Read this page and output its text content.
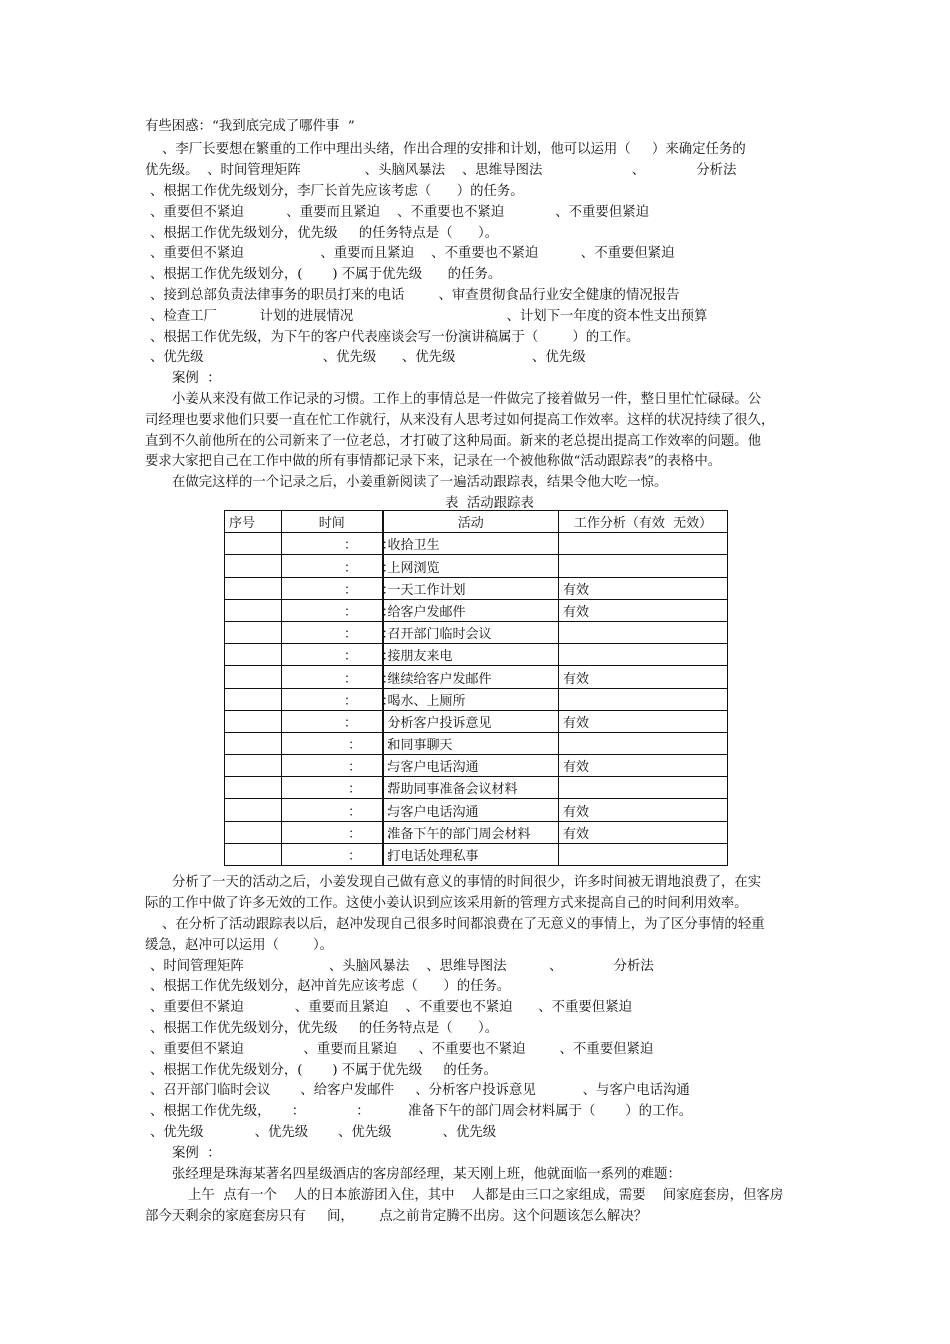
有些困惑：“我到底完成了哪件事  ”
、李厂长要想在繁重的工作中理出头绪，作出合理的安排和计划，他可以运用（     ）来确定任务的
优先级。  、时间管理矩阵               、头脑风暴法    、思维导图法                     、            分析法
、根据工作优先级划分，李厂长首先应该考虑（      ）的任务。
、重要但不紧迫          、重要而且紧迫    、不重要也不紧迫            、不重要但紧迫
、根据工作优先级划分，优先级     的任务特点是（      ）。
、重要但不紧迫                  、重要而且紧迫    、不重要也不紧迫          、不重要但紧迫
、根据工作优先级划分，(       ) 不属于优先级      的任务。
、接到总部负责法律事务的职员打来的电话        、审查贯彻食品行业安全健康的情况报告
、检查工厂          计划的进展情况                                    、计划下一年度的资本性支出预算
、根据工作优先级，为下午的客户代表座谈会写一份演讲稿属于（        ）的工作。
、优先级                            、优先级      、优先级                  、优先级
案例  ：
小姜从来没有做工作记录的习惯。工作上的事情总是一件做完了接着做另一件，整日里忙忙碌碌。公
司经理也要求他们只要一直在忙工作就行，从来没有人思考过如何提高工作效率。这样的状况持续了很久，
直到不久前他所在的公司新来了一位老总，才打破了这种局面。新来的老总提出提高工作效率的问题。他
要求大家把自己在工作中做的所有事情都记录下来，记录在一个被他称做“活动跟踪表”的表格中。
在做完这样的一个记录之后，小姜重新阅读了一遍活动跟踪表，结果令他大吃一惊。
表  活动跟踪表
序号	时间	活动	工作分析（有效  无效）
	：      ：	收拾卫生	
	：      ：	上网浏览	
	：      ：	一天工作计划	有效
	：      ：	给客户发邮件	有效
	：      ：	召开部门临时会议	
	：      ：	接朋友来电	
	：      ：	继续给客户发邮件	有效
	：      ：	喝水、上厕所	
	：        ：	分析客户投诉意见	有效
	：      ：	和同事聊天	
	：      ：	与客户电话沟通	有效
	：      ：	帮助同事准备会议材料	
	：      ：	与客户电话沟通	有效
	：      ：	准备下午的部门周会材料	有效
	：      ：	打电话处理私事	
分析了一天的活动之后，小姜发现自己做有意义的事情的时间很少，许多时间被无谓地浪费了，在实
际的工作中做了许多无效的工作。这使小姜认识到应该采用新的管理方式来提高自己的时间利用效率。
、在分析了活动跟踪表以后，赵冲发现自己很多时间都浪费在了无意义的事情上，为了区分事情的轻重
缓急，赵冲可以运用（        ）。
、时间管理矩阵                    、头脑风暴法    、思维导图法          、            分析法
、根据工作优先级划分，赵冲首先应该考虑（      ）的任务。
、重要但不紧迫            、重要而且紧迫    、不重要也不紧迫      、不重要但紧迫
、根据工作优先级划分，优先级     的任务特点是（      ）。
、重要但不紧迫              、重要而且紧迫     、不重要也不紧迫        、不重要但紧迫
、根据工作优先级划分，(       ) 不属于优先级     的任务。
、召开部门临时会议       、给客户发邮件     、分析客户投诉意见           、与客户电话沟通
、根据工作优先级，     ：            ：         准备下午的部门周会材料属于（       ）的工作。
、优先级            、优先级       、优先级            、优先级
案例  ：
张经理是珠海某著名四星级酒店的客房部经理，某天刚上班，他就面临一系列的难题：
上午  点有一个    人的日本旅游团入住，其中    人都是由三口之家组成，需要    间家庭套房，但客房
部今天剩余的家庭套房只有     间，      点之前肯定腾不出房。这个问题该怎么解决？
